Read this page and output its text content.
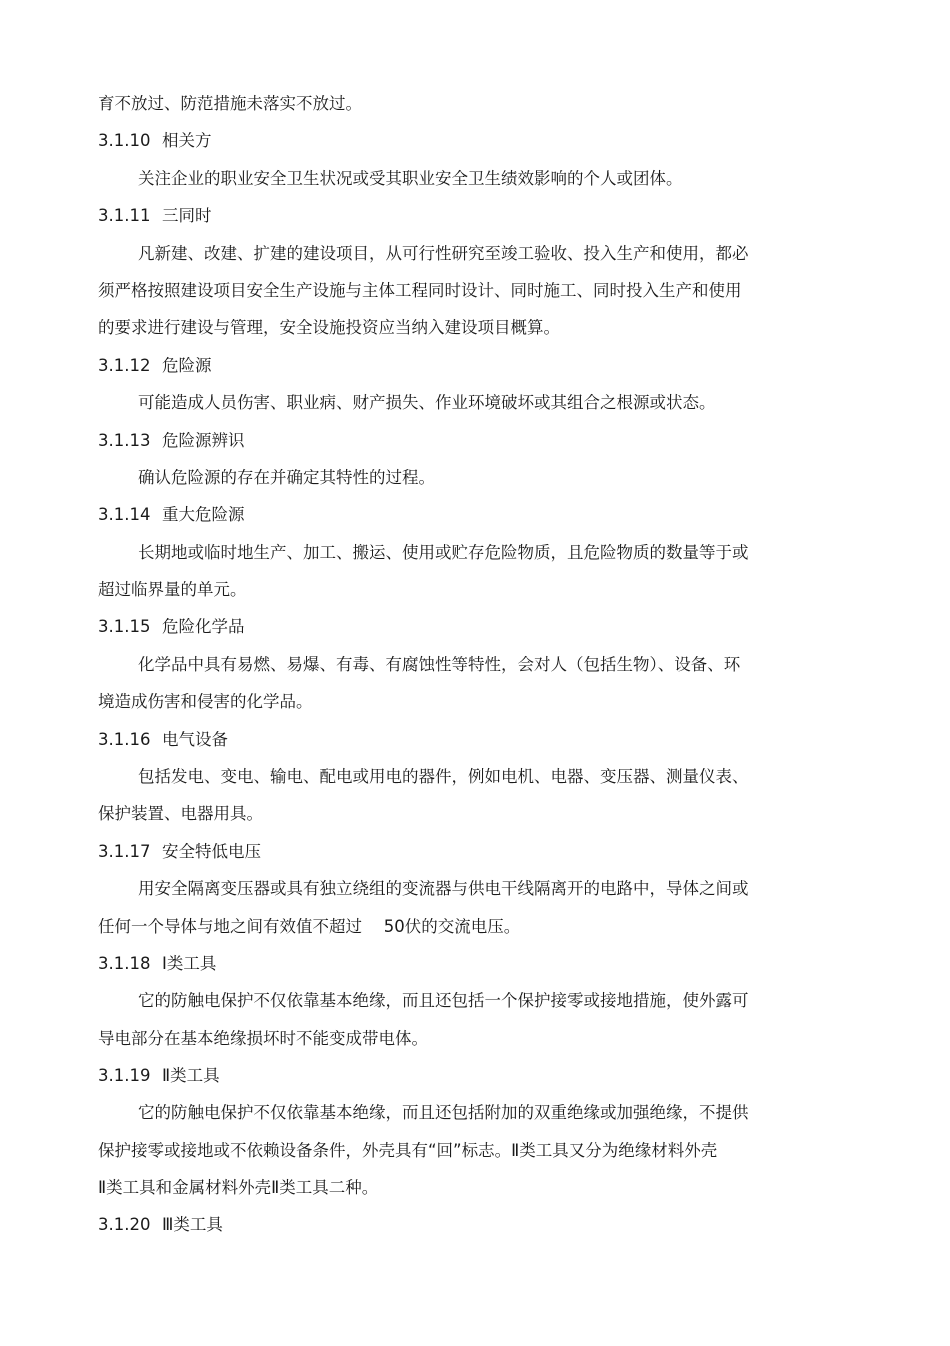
育不放过、防范措施未落实不放过。
3.1.10 相关方
关注企业的职业安全卫生状况或受其职业安全卫生绩效影响的个人或团体。
3.1.11 三同时
凡新建、改建、扩建的建设项目，从可行性研究至竣工验收、投入生产和使用，都必
须严格按照建设项目安全生产设施与主体工程同时设计、同时施工、同时投入生产和使用
的要求进行建设与管理，安全设施投资应当纳入建设项目概算。
3.1.12 危险源
可能造成人员伤害、职业病、财产损失、作业环境破坏或其组合之根源或状态。
3.1.13 危险源辨识
确认危险源的存在并确定其特性的过程。
3.1.14 重大危险源
长期地或临时地生产、加工、搬运、使用或贮存危险物质，且危险物质的数量等于或
超过临界量的单元。
3.1.15 危险化学品
化学品中具有易燃、易爆、有毒、有腐蚀性等特性，会对人（包括生物）、设备、环
境造成伤害和侵害的化学品。
3.1.16 电气设备
包括发电、变电、输电、配电或用电的器件，例如电机、电器、变压器、测量仪表、
保护装置、电器用具。
3.1.17 安全特低电压
用安全隔离变压器或具有独立绕组的变流器与供电干线隔离开的电路中，导体之间或
任何一个导体与地之间有效值不超过　 50伏的交流电压。
3.1.18 Ⅰ类工具
它的防触电保护不仅依靠基本绝缘，而且还包括一个保护接零或接地措施，使外露可
导电部分在基本绝缘损坏时不能变成带电体。
3.1.19 Ⅱ类工具
它的防触电保护不仅依靠基本绝缘，而且还包括附加的双重绝缘或加强绝缘，不提供
保护接零或接地或不依赖设备条件，外壳具有“回”标志。Ⅱ类工具又分为绝缘材料外壳
Ⅱ类工具和金属材料外壳Ⅱ类工具二种。
3.1.20 Ⅲ类工具
